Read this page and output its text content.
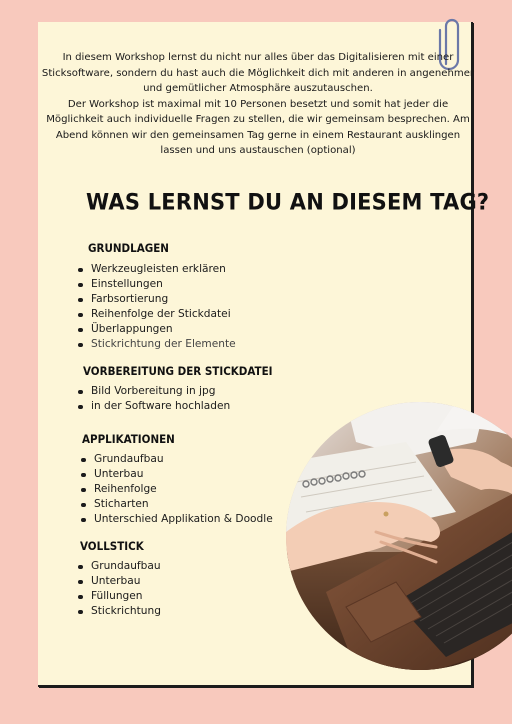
In diesem Workshop lernst du nicht nur alles über das Digitalisieren mit einer Sticksoftware, sondern du hast auch die Möglichkeit dich mit anderen in angenehmer und gemütlicher Atmosphäre auszutauschen.

Der Workshop ist maximal mit 10 Personen besetzt und somit hat jeder die Möglichkeit auch individuelle Fragen zu stellen, die wir gemeinsam besprechen. Am Abend können wir den gemeinsamen Tag gerne in einem Restaurant ausklingen lassen und uns austauschen (optional)

WAS LERNST DU AN DIESEM TAG?
GRUNDLAGEN
Werkzeugleisten erklären
Einstellungen
Farbsortierung
Reihenfolge der Stickdatei
Überlappungen
Stickrichtung der Elemente
VORBEREITUNG DER STICKDATEI
Bild Vorbereitung in jpg
in der Software hochladen
APPLIKATIONEN
Grundaufbau
Unterbau
Reihenfolge
Sticharten
Unterschied Applikation & Doodle
VOLLSTICK
Grundaufbau
Unterbau
Füllungen
Stickrichtung
